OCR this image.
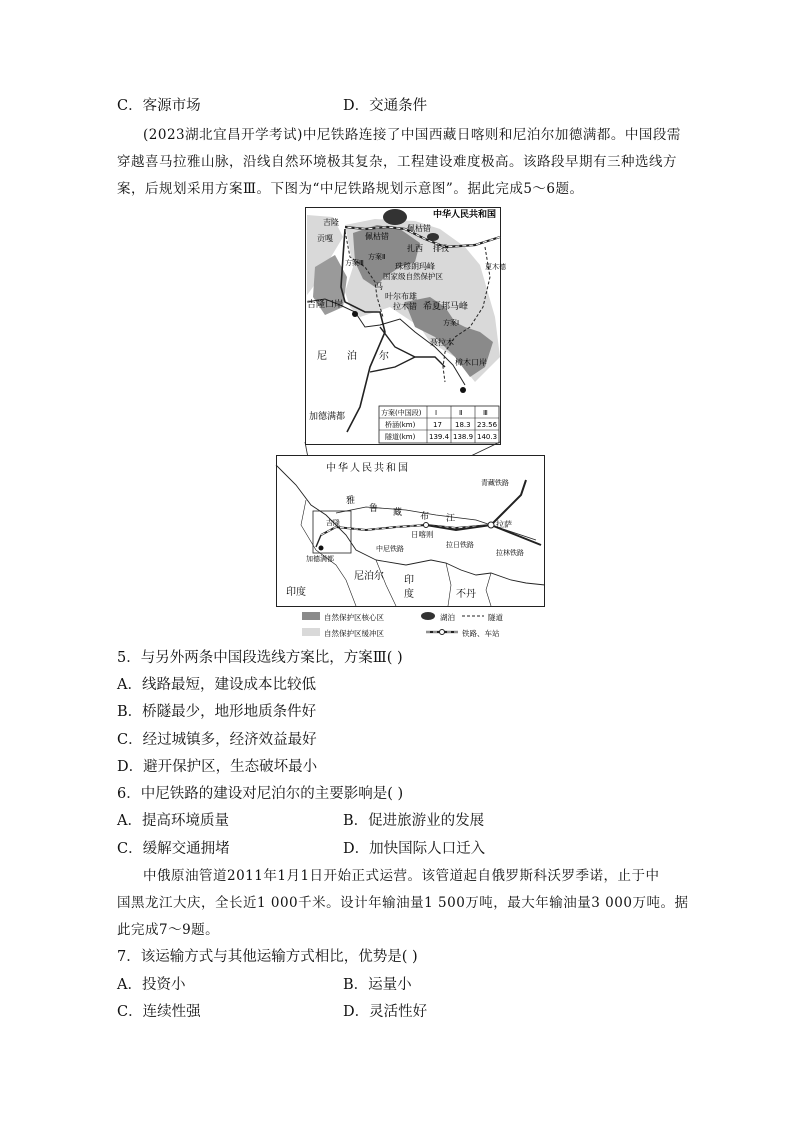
C．客源市场	D．交通条件
(2023湖北宜昌开学考试)中尼铁路连接了中国西藏日喀则和尼泊尔加德满都。中国段需
穿越喜马拉雅山脉，沿线自然环境极其复杂，工程建设难度极高。该路段早期有三种选线方
案，后规划采用方案Ⅲ。下图为“中尼铁路规划示意图”。据此完成5～6题。
中华人民共和国
吉隆
贡嘎	佩枯错
佩枯错
排孜
扎西
珠穆朗玛峰
国家级自然保护区
方案Ⅱ
方案Ⅲ
方案Ⅰ
马
叶尔布雄
拉木错 希夏邦马峰
吉隆口岸
聂拉木
樟木口岸
尼 泊 尔
加德满都
夏木德
方案(中国段) Ⅰ	Ⅱ	Ⅲ
桥涵(km)	17 18.3 23.56
隧道(km) 139.4 138.9 140.3
中华人民共和国
雅
鲁 藏 布 江
青藏铁路
拉萨
日喀则
中尼铁路	拉日铁路
拉林铁路
吉隆
加德满都
印度
尼泊尔 印
度	不丹
自然保护区核心区	湖泊	隧道
自然保护区缓冲区	铁路、车站
5．与另外两条中国段选线方案比，方案Ⅲ( )
A．线路最短，建设成本比较低
B．桥隧最少，地形地质条件好
C．经过城镇多，经济效益最好
D．避开保护区，生态破坏最小
6．中尼铁路的建设对尼泊尔的主要影响是( )
A．提高环境质量	B．促进旅游业的发展
C．缓解交通拥堵	D．加快国际人口迁入
中俄原油管道2011年1月1日开始正式运营。该管道起自俄罗斯科沃罗季诺，止于中
国黑龙江大庆，全长近1 000千米。设计年输油量1 500万吨，最大年输油量3 000万吨。据
此完成7～9题。
7．该运输方式与其他运输方式相比，优势是( )
A．投资小	B．运量小
C．连续性强	D．灵活性好
